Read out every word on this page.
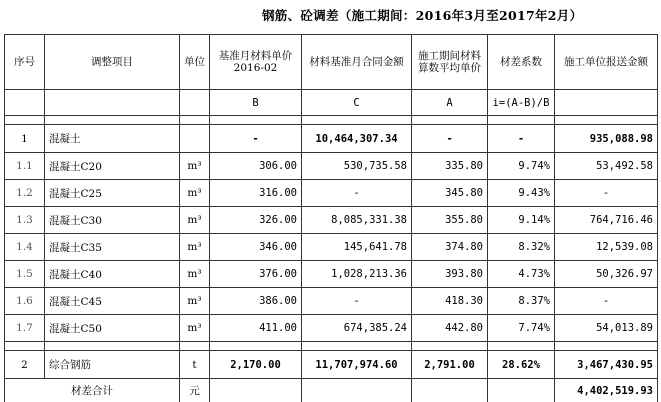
钢筋、砼调差（施工期间：2016年3月至2017年2月）
序号	调整项目	单位	基准月材料单价 2016-02	材料基准月合同金额	施工期间材料算数平均单价	材差系数	施工单位报送金额
			B	C	A	i=(A-B)/B	

1	混凝土		-	10,464,307.34	-	-	935,088.98
1.1	混凝土C20	m³	306.00	530,735.58	335.80	9.74%	53,492.58
1.2	混凝土C25	m³	316.00	-	345.80	9.43%	-
1.3	混凝土C30	m³	326.00	8,085,331.38	355.80	9.14%	764,716.46
1.4	混凝土C35	m³	346.00	145,641.78	374.80	8.32%	12,539.08
1.5	混凝土C40	m³	376.00	1,028,213.36	393.80	4.73%	50,326.97
1.6	混凝土C45	m³	386.00	-	418.30	8.37%	-
1.7	混凝土C50	m³	411.00	674,385.24	442.80	7.74%	54,013.89

2	综合钢筋	t	2,170.00	11,707,974.60	2,791.00	28.62%	3,467,430.95
材差合计		元					4,402,519.93
